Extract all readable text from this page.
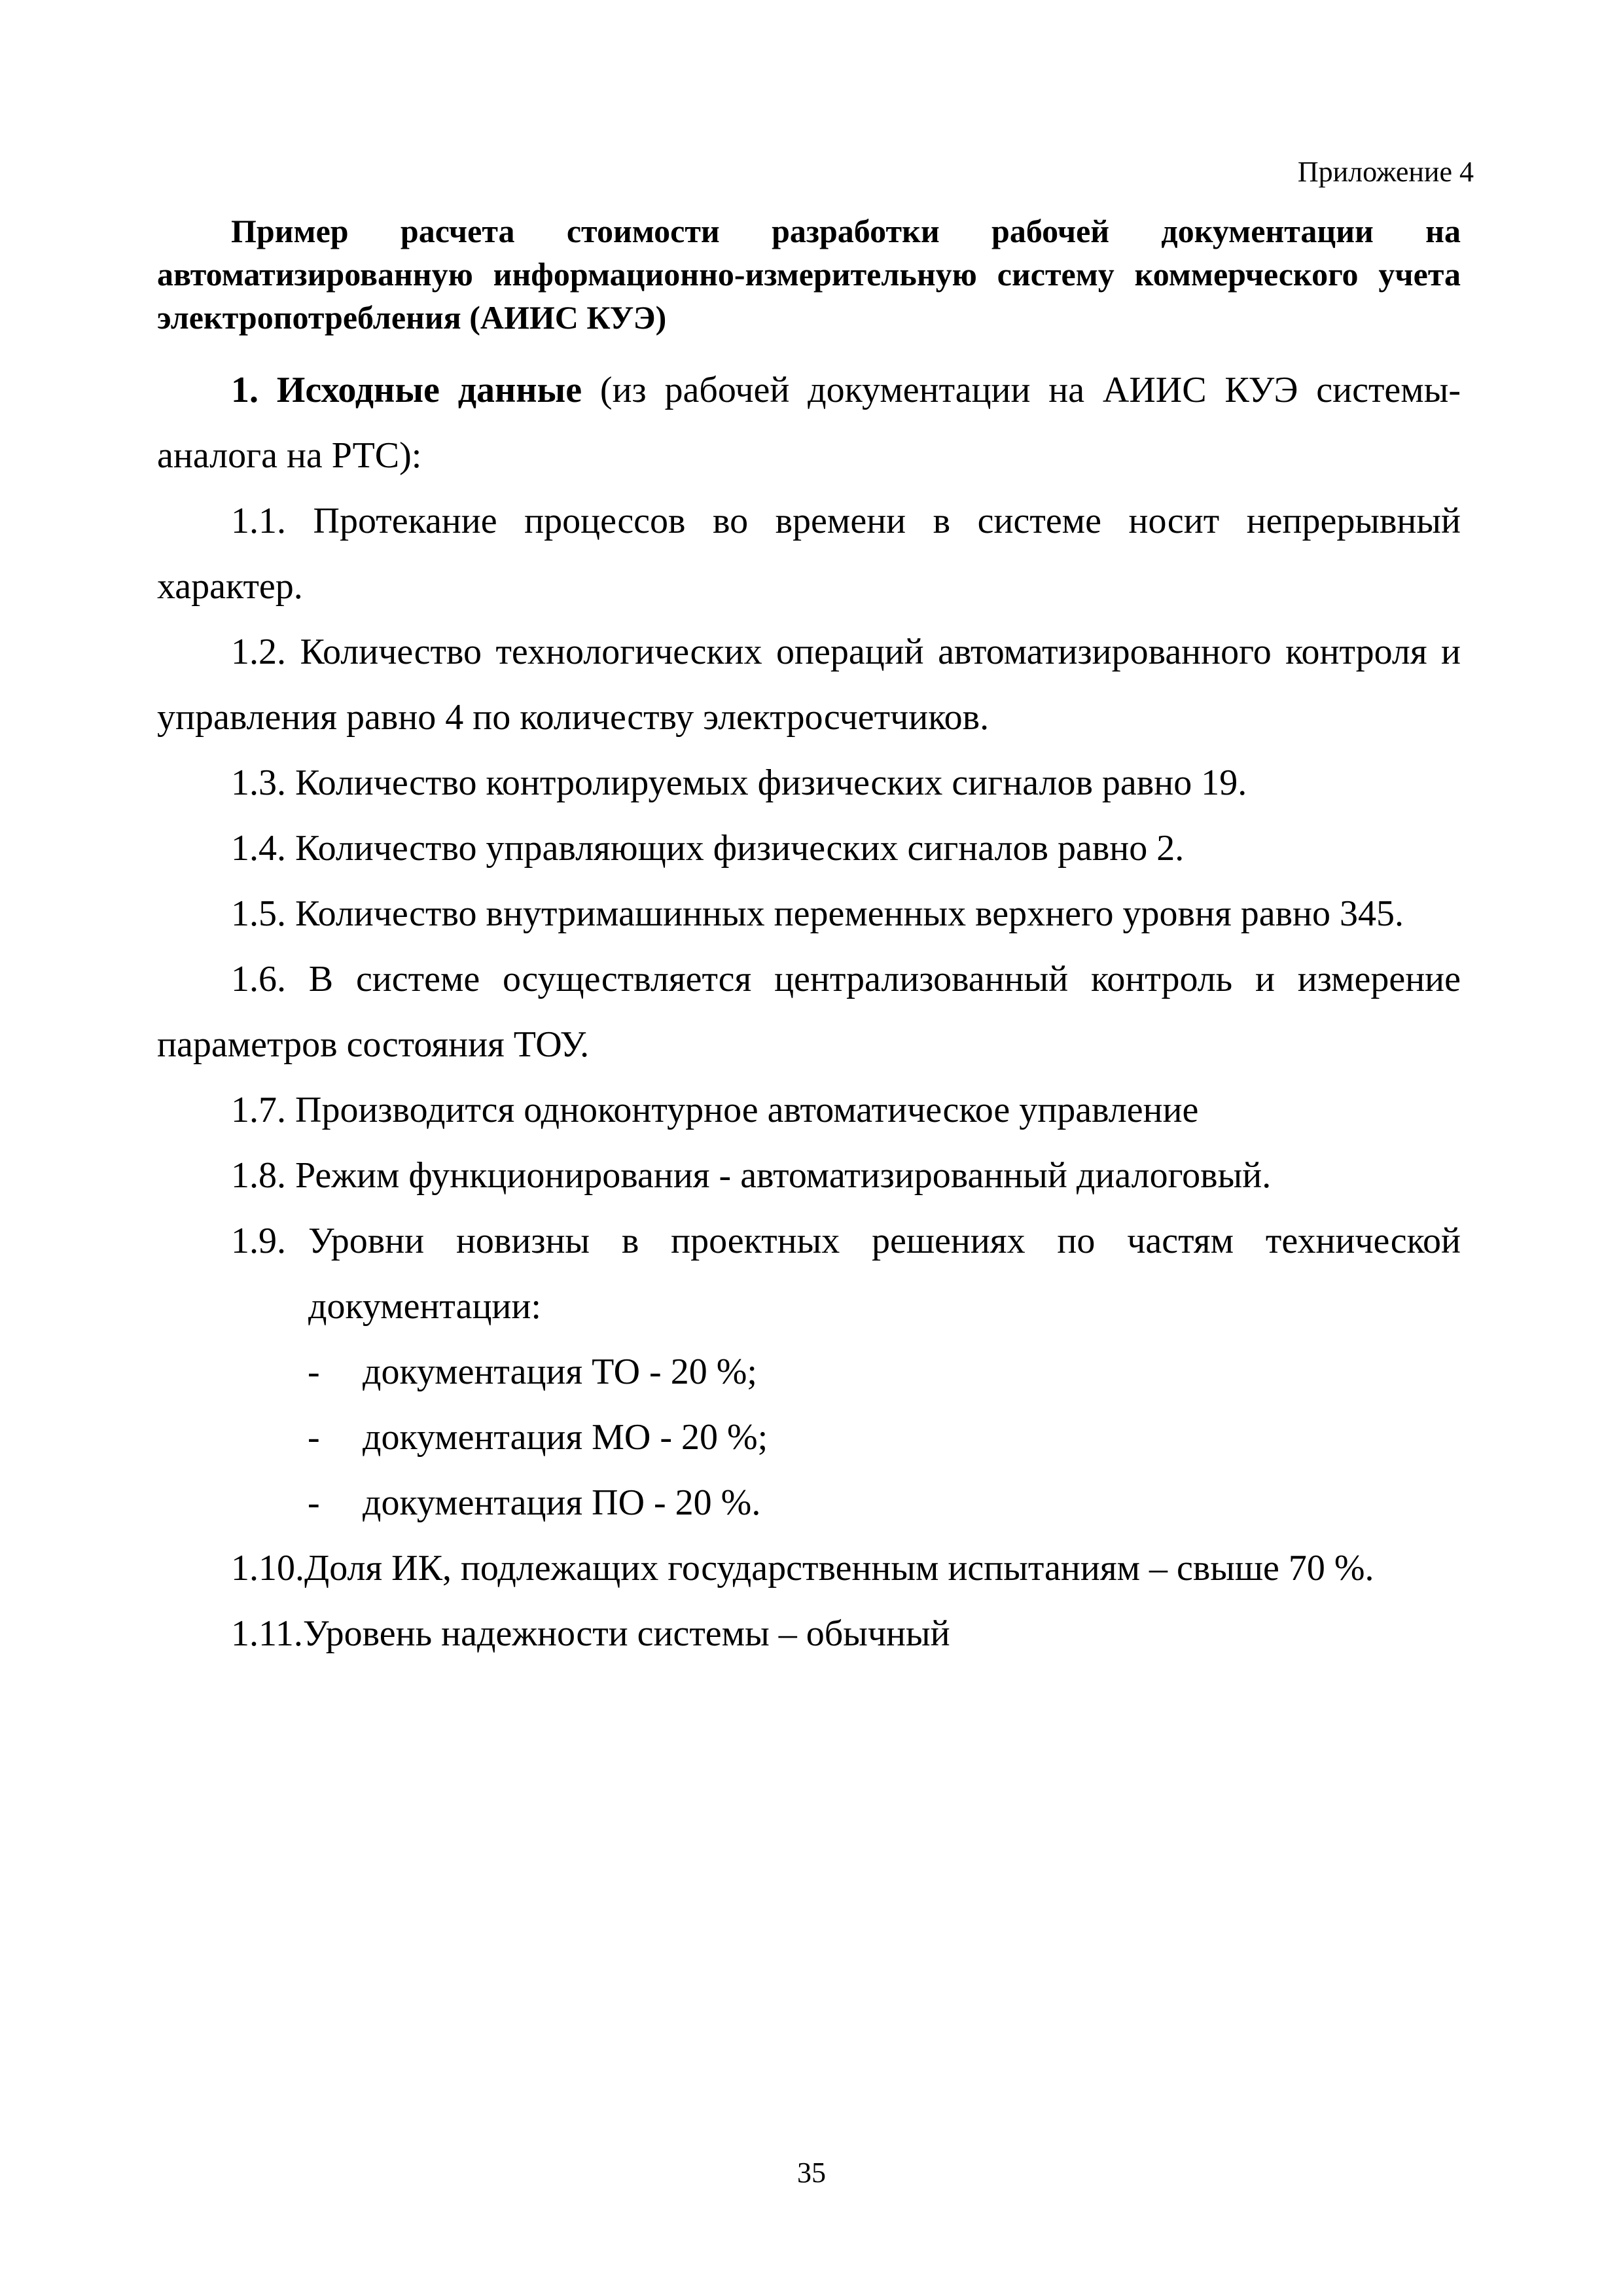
Приложение 4

Пример расчета стоимости разработки рабочей документации на автоматизированную информационно-измерительную систему коммерческого учета электропотребления (АИИС КУЭ)

1. Исходные данные (из рабочей документации на АИИС КУЭ системы-аналога на РТС):

1.1. Протекание процессов во времени в системе носит непрерывный характер.

1.2. Количество технологических операций автоматизированного контроля и управления равно 4 по количеству электросчетчиков.

1.3. Количество контролируемых физических сигналов равно 19.

1.4. Количество управляющих физических сигналов равно 2.

1.5. Количество внутримашинных переменных верхнего уровня равно 345.

1.6. В системе осуществляется централизованный контроль и измерение параметров состояния ТОУ.

1.7. Производится одноконтурное автоматическое управление

1.8. Режим функционирования - автоматизированный диалоговый.

1.9. Уровни новизны в проектных решениях по частям технической документации:
-	документация ТО - 20 %;
-	документация МО - 20 %;
-	документация ПО - 20 %.

1.10.Доля ИК, подлежащих государственным испытаниям – свыше 70 %.

1.11.Уровень надежности системы – обычный

35
